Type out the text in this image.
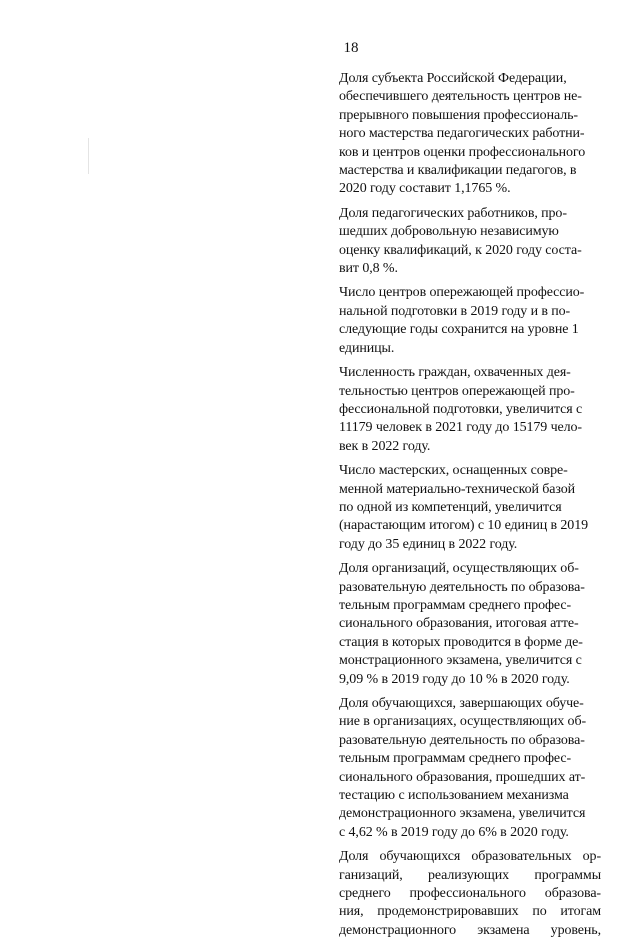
18

Доля субъекта Российской Федерации,
обеспечившего деятельность центров не-
прерывного повышения профессиональ-
ного мастерства педагогических работни-
ков и центров оценки профессионального
мастерства и квалификации педагогов, в
2020 году составит 1,1765 %.

Доля педагогических работников, про-
шедших добровольную независимую
оценку квалификаций, к 2020 году соста-
вит 0,8 %.

Число центров опережающей профессио-
нальной подготовки в 2019 году и в по-
следующие годы сохранится на уровне 1
единицы.

Численность граждан, охваченных дея-
тельностью центров опережающей про-
фессиональной подготовки, увеличится с
11179 человек в 2021 году до 15179 чело-
век в 2022 году.

Число мастерских, оснащенных совре-
менной материально-технической базой
по одной из компетенций, увеличится
(нарастающим итогом) с 10 единиц в 2019
году до 35 единиц в 2022 году.

Доля организаций, осуществляющих об-
разовательную деятельность по образова-
тельным программам среднего профес-
сионального образования, итоговая атте-
стация в которых проводится в форме де-
монстрационного экзамена, увеличится с
9,09 % в 2019 году до 10 % в 2020 году.

Доля обучающихся, завершающих обуче-
ние в организациях, осуществляющих об-
разовательную деятельность по образова-
тельным программам среднего профес-
сионального образования, прошедших ат-
тестацию с использованием механизма
демонстрационного экзамена, увеличится
с 4,62 % в 2019 году до 6% в 2020 году.

Доля обучающихся образовательных ор-
ганизаций, реализующих программы
среднего профессионального образова-
ния, продемонстрировавших по итогам
демонстрационного экзамена уровень,
